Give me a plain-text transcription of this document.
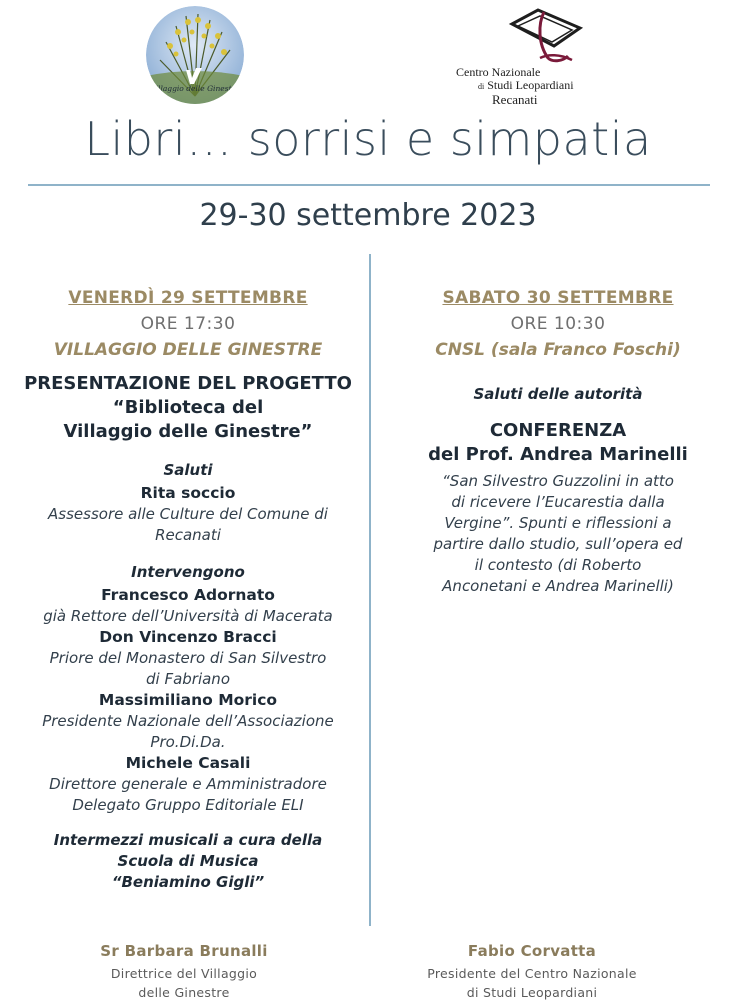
Villaggio delle Ginestre
Centro Nazionale
di Studi Leopardiani
Recanati
Libri… sorrisi e simpatia
29-30 settembre 2023
VENERDÌ 29 SETTEMBRE
ORE 17:30
VILLAGGIO DELLE GINESTRE
PRESENTAZIONE DEL PROGETTO
“Biblioteca del
Villaggio delle Ginestre”
Saluti
Rita soccio
Assessore alle Culture del Comune di
Recanati
Intervengono
Francesco Adornato
già Rettore dell’Università di Macerata
Don Vincenzo Bracci
Priore del Monastero di San Silvestro
di Fabriano
Massimiliano Morico
Presidente Nazionale dell’Associazione
Pro.Di.Da.
Michele Casali
Direttore generale e Amministradore
Delegato Gruppo Editoriale ELI
Intermezzi musicali a cura della
Scuola di Musica
“Beniamino Gigli”
SABATO 30 SETTEMBRE
ORE 10:30
CNSL (sala Franco Foschi)
Saluti delle autorità
CONFERENZA
del Prof. Andrea Marinelli
“San Silvestro Guzzolini in atto
di ricevere l’Eucarestia dalla
Vergine”. Spunti e riflessioni a
partire dallo studio, sull’opera ed
il contesto (di Roberto
Anconetani e Andrea Marinelli)
Sr Barbara Brunalli
Direttrice del Villaggio
delle Ginestre
Fabio Corvatta
Presidente del Centro Nazionale
di Studi Leopardiani
